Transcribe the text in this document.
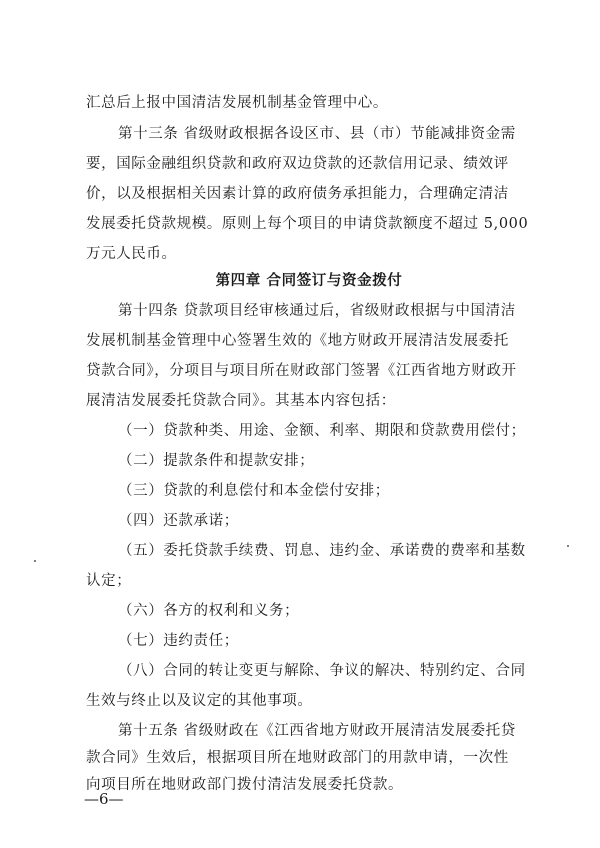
汇总后上报中国清洁发展机制基金管理中心。
第十三条 省级财政根据各设区市、县（市）节能减排资金需
要，国际金融组织贷款和政府双边贷款的还款信用记录、绩效评
价，以及根据相关因素计算的政府债务承担能力，合理确定清洁
发展委托贷款规模。原则上每个项目的申请贷款额度不超过 5,000
万元人民币。
第四章 合同签订与资金拨付
第十四条 贷款项目经审核通过后，省级财政根据与中国清洁
发展机制基金管理中心签署生效的《地方财政开展清洁发展委托
贷款合同》，分项目与项目所在财政部门签署《江西省地方财政开
展清洁发展委托贷款合同》。其基本内容包括：
（一）贷款种类、用途、金额、利率、期限和贷款费用偿付；
（二）提款条件和提款安排；
（三）贷款的利息偿付和本金偿付安排；
（四）还款承诺；
（五）委托贷款手续费、罚息、违约金、承诺费的费率和基数
认定；
（六）各方的权利和义务；
（七）违约责任；
（八）合同的转让变更与解除、争议的解决、特别约定、合同
生效与终止以及议定的其他事项。
第十五条 省级财政在《江西省地方财政开展清洁发展委托贷
款合同》生效后，根据项目所在地财政部门的用款申请，一次性
向项目所在地财政部门拨付清洁发展委托贷款。
—6—
